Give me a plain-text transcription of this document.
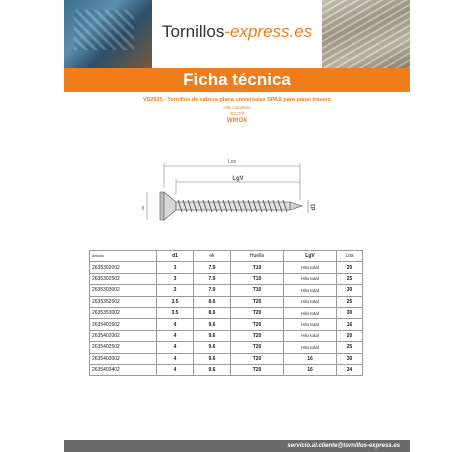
Tornillos-express.es
Ficha técnica
VS2635 - Tornillos de cabeza plana universales SPAX para panel trasero
Hilo completo
4CUT®
WIROX
Los
LgV
ek	d1
Artículo	d1	ek	Huella	LgV	Los
2635302002	3	7.9	T10	Hilo total	20
2635302502	3	7.9	T10	Hilo total	25
2635303002	3	7.9	T10	Hilo total	30
2635352502	3.5	8.6	T20	Hilo total	25
2635353002	3.5	8.6	T20	Hilo total	30
2635401602	4	9.6	T20	Hilo total	16
2635402002	4	9.6	T20	Hilo total	20
2635402502	4	9.6	T20	Hilo total	25
2635403002	4	9.6	T20	16	30
2635403402	4	9.6	T20	16	34
servicio.al.cliente@tornillos-express.es
